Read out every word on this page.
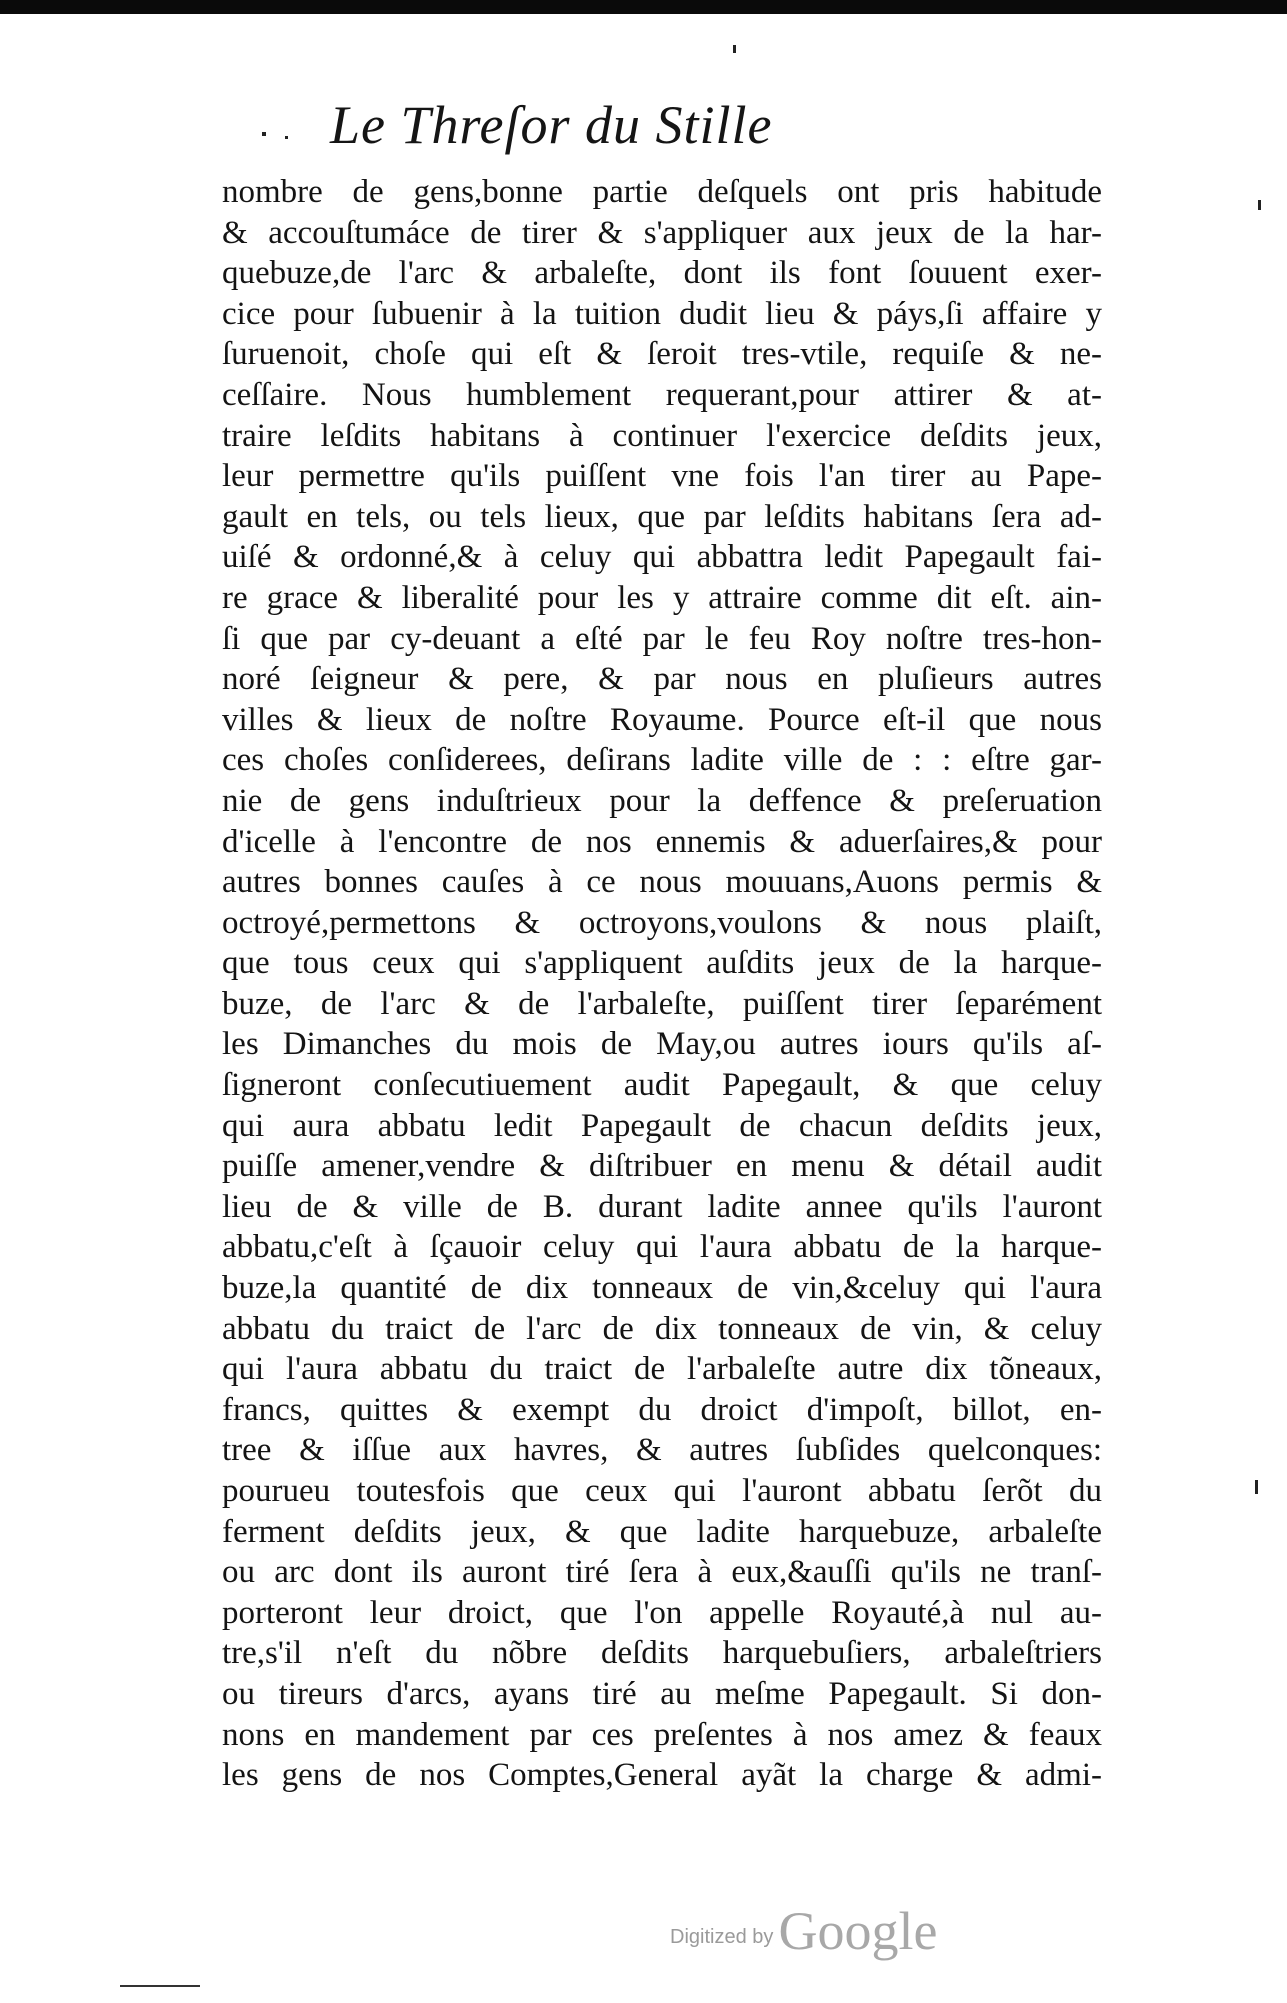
Le Threſor du Stille
nombre de gens,bonne partie deſquels ont pris habitude
& accouſtumáce de tirer & s'appliquer aux jeux de la har-
quebuze,de l'arc & arbaleſte, dont ils font ſouuent exer-
cice pour ſubuenir à la tuition dudit lieu & páys,ſi affaire y
ſuruenoit, choſe qui eſt & ſeroit tres-vtile, requiſe & ne-
ceſſaire. Nous humblement requerant,pour attirer & at-
traire leſdits habitans à continuer l'exercice deſdits jeux,
leur permettre qu'ils puiſſent vne fois l'an tirer au Pape-
gault en tels, ou tels lieux, que par leſdits habitans ſera ad-
uiſé & ordonné,& à celuy qui abbattra ledit Papegault fai-
re grace & liberalité pour les y attraire comme dit eſt. ain-
ſi que par cy-deuant a eſté par le feu Roy noſtre tres-hon-
noré ſeigneur & pere, & par nous en pluſieurs autres
villes & lieux de noſtre Royaume. Pource eſt-il que nous
ces choſes conſiderees, deſirans ladite ville de : : eſtre gar-
nie de gens induſtrieux pour la deffence & preſeruation
d'icelle à l'encontre de nos ennemis & aduerſaires,& pour
autres bonnes cauſes à ce nous mouuans,Auons permis &
octroyé,permettons & octroyons,voulons & nous plaiſt,
que tous ceux qui s'appliquent auſdits jeux de la harque-
buze, de l'arc & de l'arbaleſte, puiſſent tirer ſeparément
les Dimanches du mois de May,ou autres iours qu'ils aſ-
ſigneront conſecutiuement audit Papegault, & que celuy
qui aura abbatu ledit Papegault de chacun deſdits jeux,
puiſſe amener,vendre & diſtribuer en menu & détail audit
lieu de & ville de B. durant ladite annee qu'ils l'auront
abbatu,c'eſt à ſçauoir celuy qui l'aura abbatu de la harque-
buze,la quantité de dix tonneaux de vin,&celuy qui l'aura
abbatu du traict de l'arc de dix tonneaux de vin, & celuy
qui l'aura abbatu du traict de l'arbaleſte autre dix tõneaux,
francs, quittes & exempt du droict d'impoſt, billot, en-
tree & iſſue aux havres, & autres ſubſides quelconques:
pourueu toutesfois que ceux qui l'auront abbatu ſerõt du
ferment deſdits jeux, & que ladite harquebuze, arbaleſte
ou arc dont ils auront tiré ſera à eux,&auſſi qu'ils ne tranſ-
porteront leur droict, que l'on appelle Royauté,à nul au-
tre,s'il n'eſt du nõbre deſdits harquebuſiers, arbaleſtriers
ou tireurs d'arcs, ayans tiré au meſme Papegault. Si don-
nons en mandement par ces preſentes à nos amez & feaux
les gens de nos Comptes,General ayãt la charge & admi-
Digitized by Google
